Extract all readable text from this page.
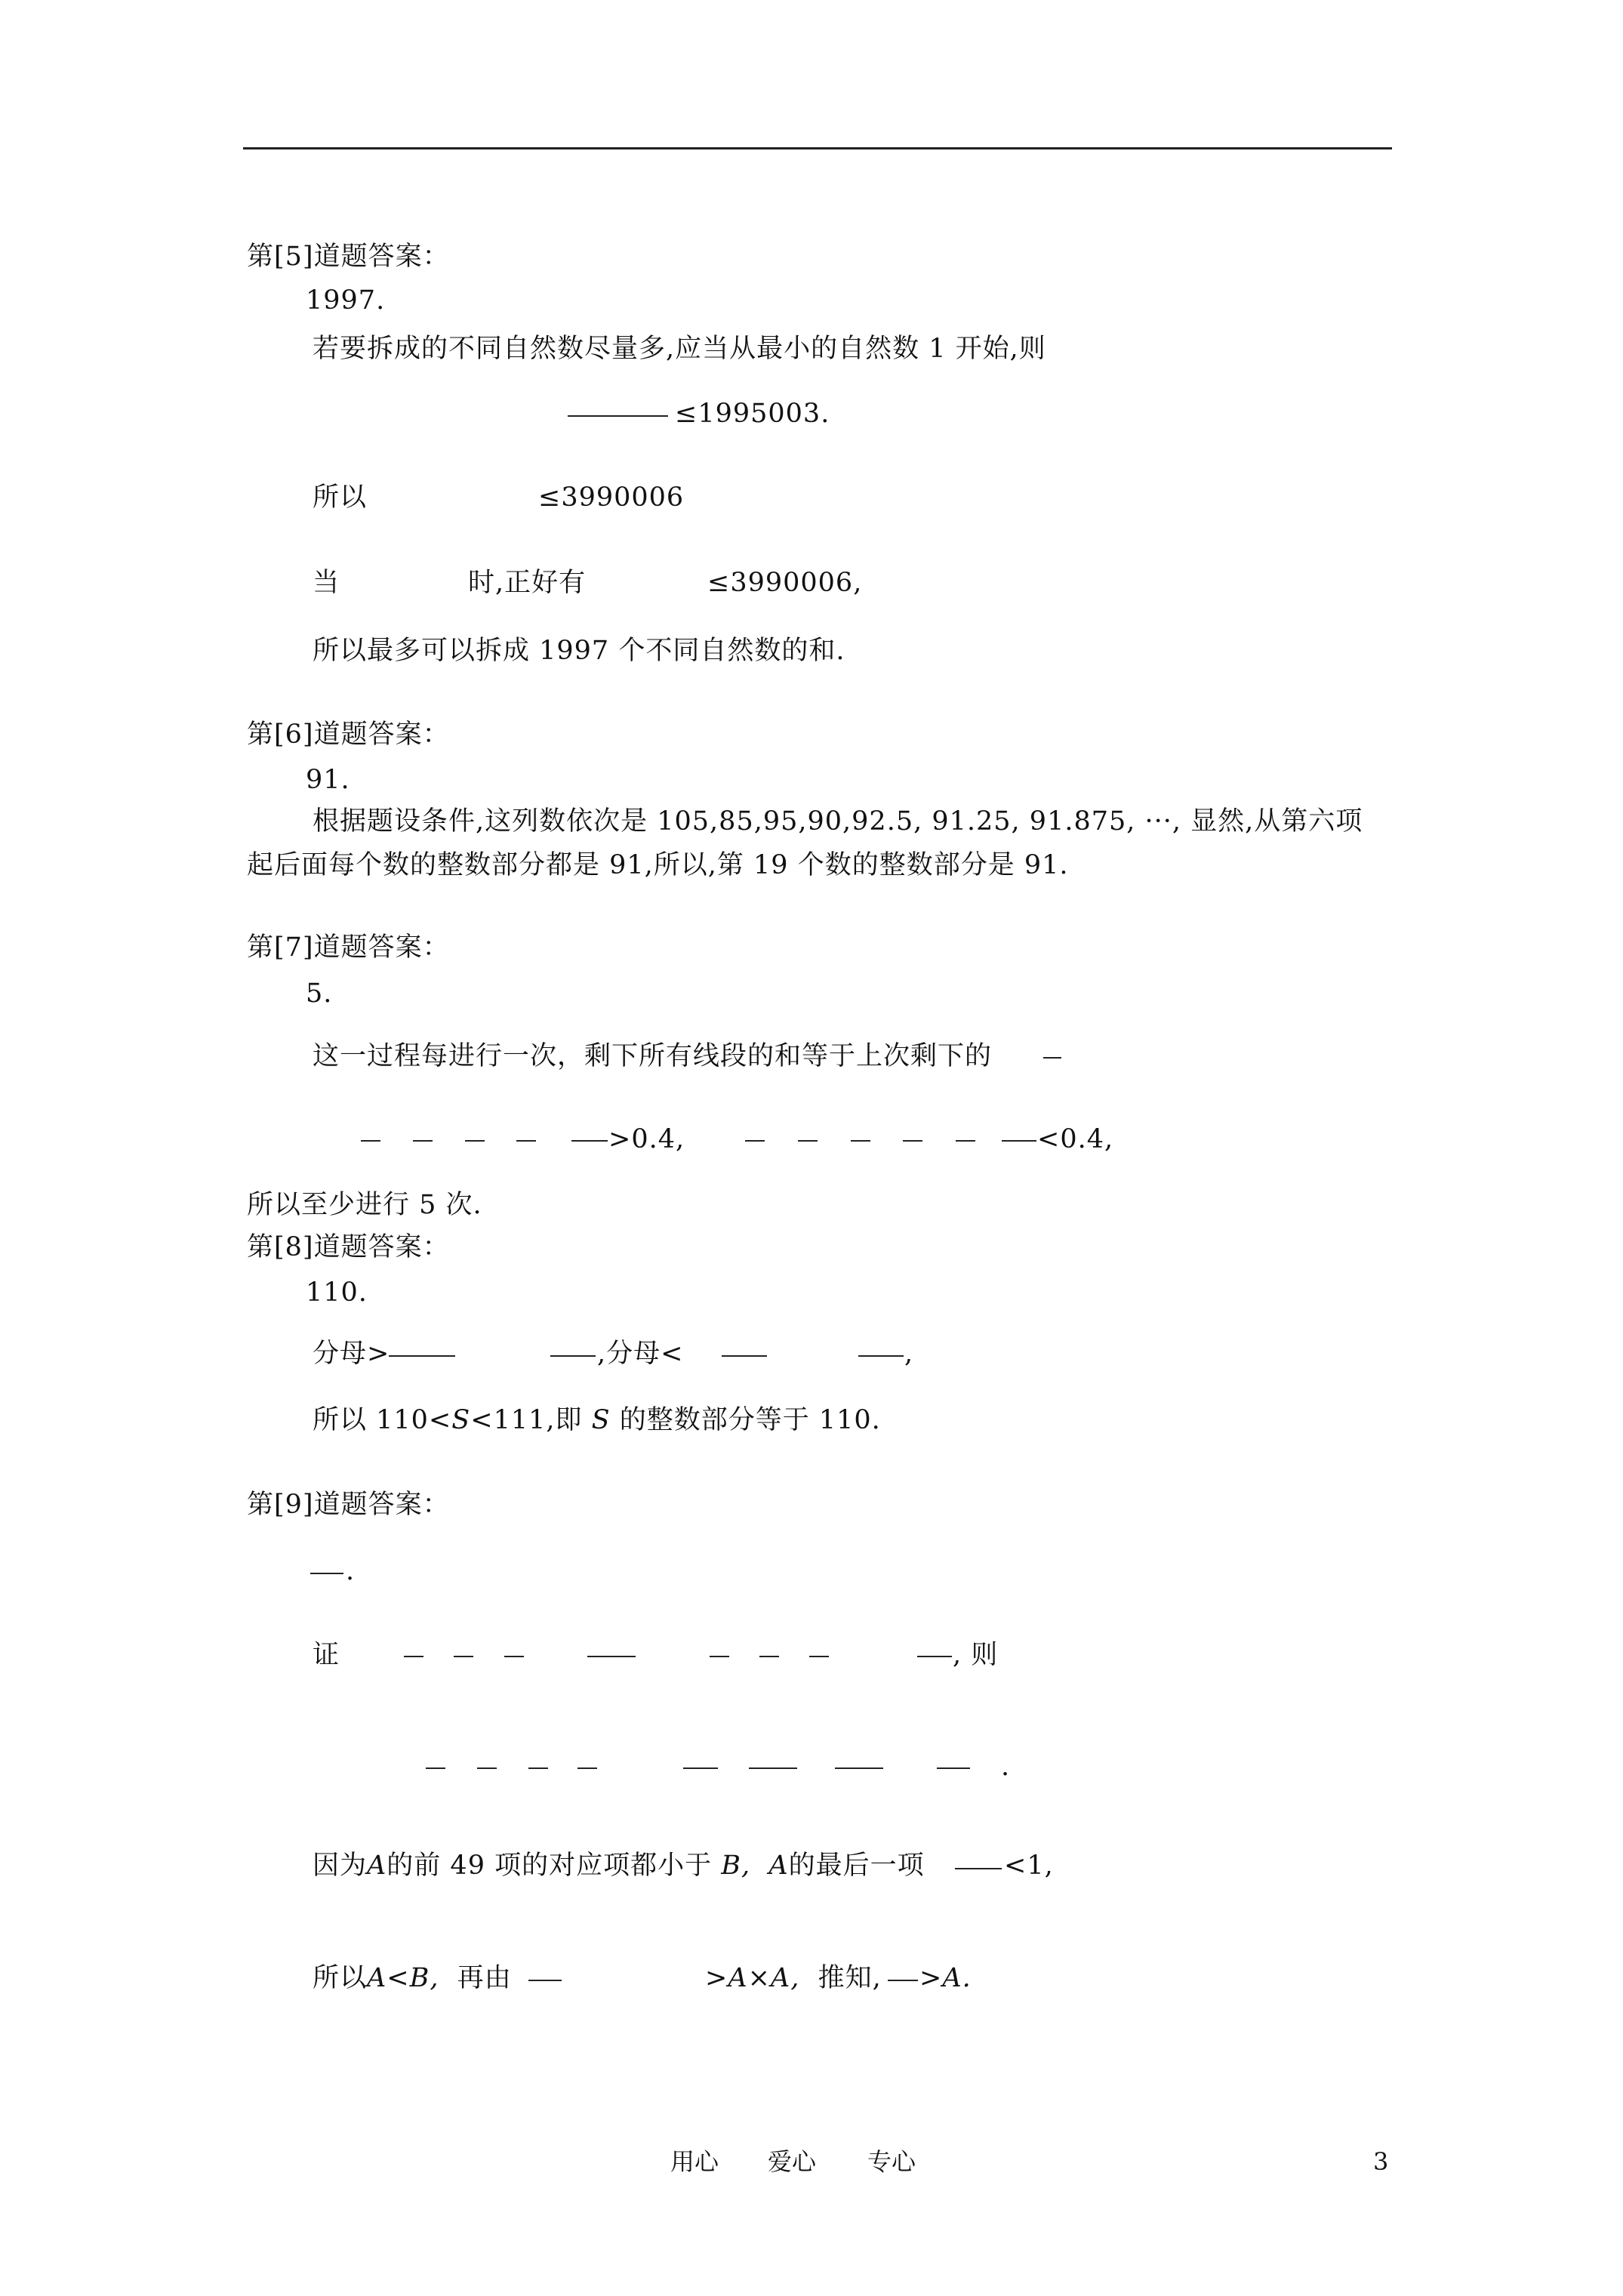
第[5]道题答案：
1997.
若要拆成的不同自然数尽量多,应当从最小的自然数 1 开始,则
≤1995003.
所以	≤3990006
当	时,正好有	≤3990006,
所以最多可以拆成 1997 个不同自然数的和.
第[6]道题答案：
91.
根据题设条件,这列数依次是 105,85,95,90,92.5, 91.25, 91.875, ···, 显然,从第六项
起后面每个数的整数部分都是 91,所以,第 19 个数的整数部分是 91.
第[7]道题答案：
5.
这一过程每进行一次，剩下所有线段的和等于上次剩下的
>0.4,	<0.4,
所以至少进行 5 次.
第[8]道题答案：
110.
分母>	,分母<	,
所以 110<S<111,即 S 的整数部分等于 110.
第[9]道题答案：
.
证	, 则
.
因为A的前 49 项的对应项都小于 B, A的最后一项	<1,
所以A<B, 再由	>A×A, 推知, >A.
用心 爱心 专心	3
